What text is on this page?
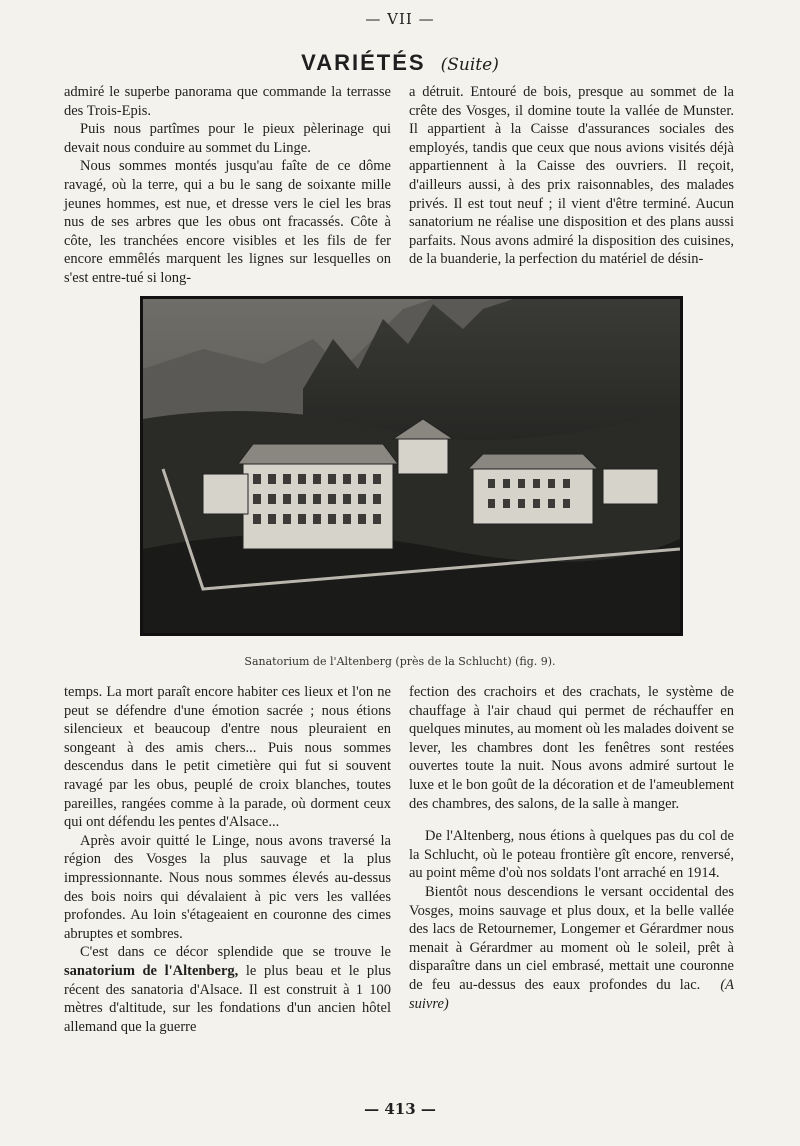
— VII —
VARIÉTÉS (Suite)

admiré le superbe panorama que commande la terrasse des Trois-Epis.

Puis nous partîmes pour le pieux pèlerinage qui devait nous conduire au sommet du Linge.

Nous sommes montés jusqu'au faîte de ce dôme ravagé, où la terre, qui a bu le sang de soixante mille jeunes hommes, est nue, et dresse vers le ciel les bras nus de ses arbres que les obus ont fracassés. Côte à côte, les tranchées encore visibles et les fils de fer encore emmêlés marquent les lignes sur lesquelles on s'est entre-tué si long-

a détruit. Entouré de bois, presque au sommet de la crête des Vosges, il domine toute la vallée de Munster. Il appartient à la Caisse d'assurances sociales des employés, tandis que ceux que nous avions visités déjà appartiennent à la Caisse des ouvriers. Il reçoit, d'ailleurs aussi, à des prix raisonnables, des malades privés. Il est tout neuf ; il vient d'être terminé. Aucun sanatorium ne réalise une disposition et des plans aussi parfaits. Nous avons admiré la disposition des cuisines, de la buanderie, la perfection du matériel de désin-

Sanatorium de l'Altenberg (près de la Schlucht) (fig. 9).

temps. La mort paraît encore habiter ces lieux et l'on ne peut se défendre d'une émotion sacrée ; nous étions silencieux et beaucoup d'entre nous pleuraient en songeant à des amis chers... Puis nous sommes descendus dans le petit cimetière qui fut si souvent ravagé par les obus, peuplé de croix blanches, toutes pareilles, rangées comme à la parade, où dorment ceux qui ont défendu les pentes d'Alsace...

Après avoir quitté le Linge, nous avons traversé la région des Vosges la plus sauvage et la plus impressionnante. Nous nous sommes élevés au-dessus des bois noirs qui dévalaient à pic vers les vallées profondes. Au loin s'étageaient en couronne des cimes abruptes et sombres.

C'est dans ce décor splendide que se trouve le sanatorium de l'Altenberg, le plus beau et le plus récent des sanatoria d'Alsace. Il est construit à 1 100 mètres d'altitude, sur les fondations d'un ancien hôtel allemand que la guerre

fection des crachoirs et des crachats, le système de chauffage à l'air chaud qui permet de réchauffer en quelques minutes, au moment où les malades doivent se lever, les chambres dont les fenêtres sont restées ouvertes toute la nuit. Nous avons admiré surtout le luxe et le bon goût de la décoration et de l'ameublement des chambres, des salons, de la salle à manger.

De l'Altenberg, nous étions à quelques pas du col de la Schlucht, où le poteau frontière gît encore, renversé, au point même d'où nos soldats l'ont arraché en 1914.

Bientôt nous descendions le versant occidental des Vosges, moins sauvage et plus doux, et la belle vallée des lacs de Retournemer, Longemer et Gérardmer nous menait à Gérardmer au moment où le soleil, prêt à disparaître dans un ciel embrasé, mettait une couronne de feu au-dessus des eaux profondes du lac. (A suivre)

— 413 —
